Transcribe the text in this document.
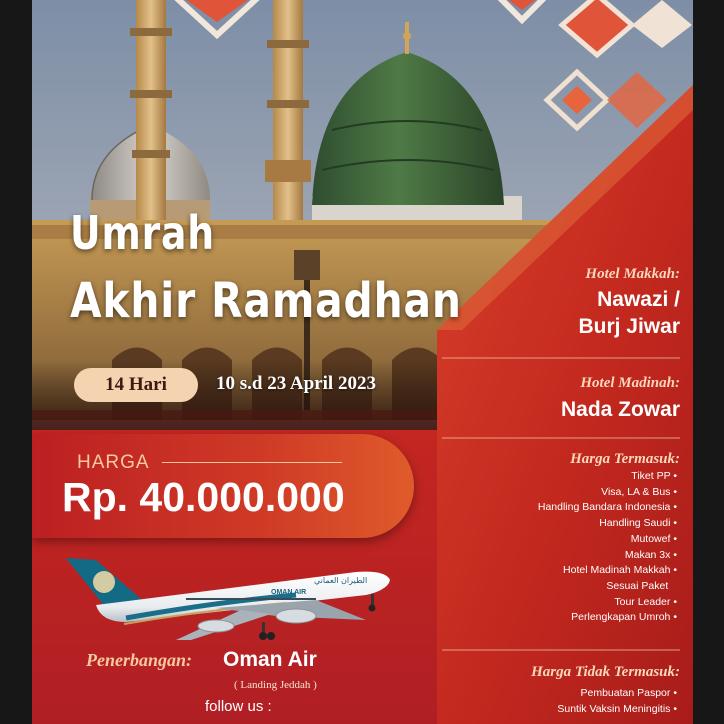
Umrah
Akhir Ramadhan
14 Hari	10 s.d 23 April 2023
HARGA
Rp. 40.000.000
الطيران العماني
OMAN AIR
Penerbangan: Oman Air
( Landing Jeddah )
follow us :
Hotel Makkah:
Nawazi /
Burj Jiwar
Hotel Madinah:
Nada Zowar
Harga Termasuk:
Tiket PP •
Visa, LA & Bus •
Handling Bandara Indonesia •
Handling Saudi •
Mutowef •
Makan 3x •
Hotel Madinah Makkah •
Sesuai Paket
Tour Leader •
Perlengkapan Umroh •
Harga Tidak Termasuk:
Pembuatan Paspor •
Suntik Vaksin Meningitis •
